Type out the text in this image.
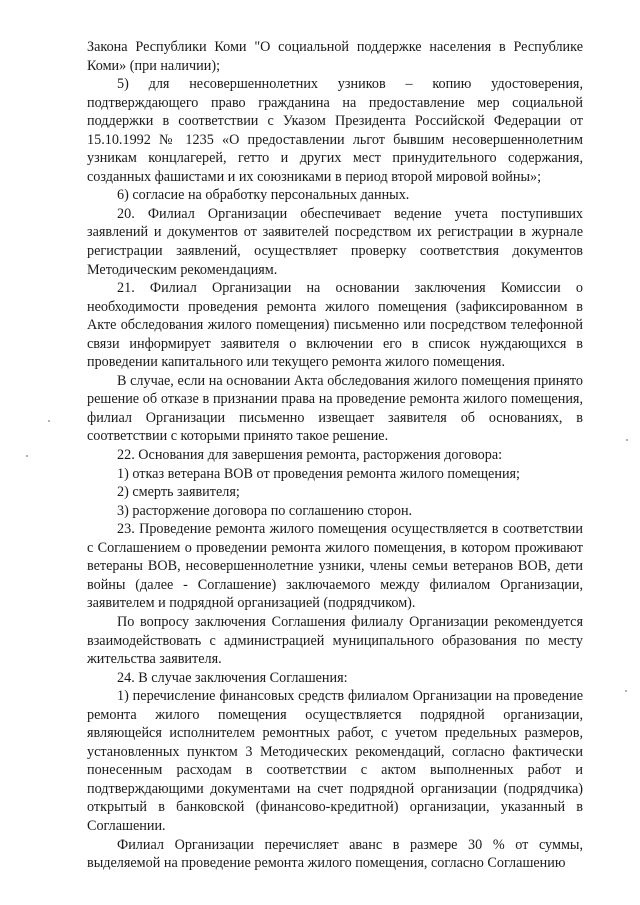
Закона Республики Коми "О социальной поддержке населения в Республике Коми» (при наличии);

5) для несовершеннолетних узников – копию удостоверения, подтверждающего право гражданина на предоставление мер социальной поддержки в соответствии с Указом Президента Российской Федерации от 15.10.1992 № 1235 «О предоставлении льгот бывшим несовершеннолетним узникам концлагерей, гетто и других мест принудительного содержания, созданных фашистами и их союзниками в период второй мировой войны»;

6) согласие на обработку персональных данных.

20. Филиал Организации обеспечивает ведение учета поступивших заявлений и документов от заявителей посредством их регистрации в журнале регистрации заявлений, осуществляет проверку соответствия документов Методическим рекомендациям.

21. Филиал Организации на основании заключения Комиссии о необходимости проведения ремонта жилого помещения (зафиксированном в Акте обследования жилого помещения) письменно или посредством телефонной связи информирует заявителя о включении его в список нуждающихся в проведении капитального или текущего ремонта жилого помещения.

В случае, если на основании Акта обследования жилого помещения принято решение об отказе в признании права на проведение ремонта жилого помещения, филиал Организации письменно извещает заявителя об основаниях, в соответствии с которыми принято такое решение.

22. Основания для завершения ремонта, расторжения договора:

1) отказ ветерана ВОВ от проведения ремонта жилого помещения;

2) смерть заявителя;

3) расторжение договора по соглашению сторон.

23. Проведение ремонта жилого помещения осуществляется в соответствии с Соглашением о проведении ремонта жилого помещения, в котором проживают ветераны ВОВ, несовершеннолетние узники, члены семьи ветеранов ВОВ, дети войны (далее - Соглашение) заключаемого между филиалом Организации, заявителем и подрядной организацией (подрядчиком).

По вопросу заключения Соглашения филиалу Организации рекомендуется взаимодействовать с администрацией муниципального образования по месту жительства заявителя.

24. В случае заключения Соглашения:

1) перечисление финансовых средств филиалом Организации на проведение ремонта жилого помещения осуществляется подрядной организации, являющейся исполнителем ремонтных работ, с учетом предельных размеров, установленных пунктом 3 Методических рекомендаций, согласно фактически понесенным расходам в соответствии с актом выполненных работ и подтверждающими документами на счет подрядной организации (подрядчика) открытый в банковской (финансово-кредитной) организации, указанный в Соглашении.

Филиал Организации перечисляет аванс в размере 30 % от суммы, выделяемой на проведение ремонта жилого помещения, согласно Соглашению
